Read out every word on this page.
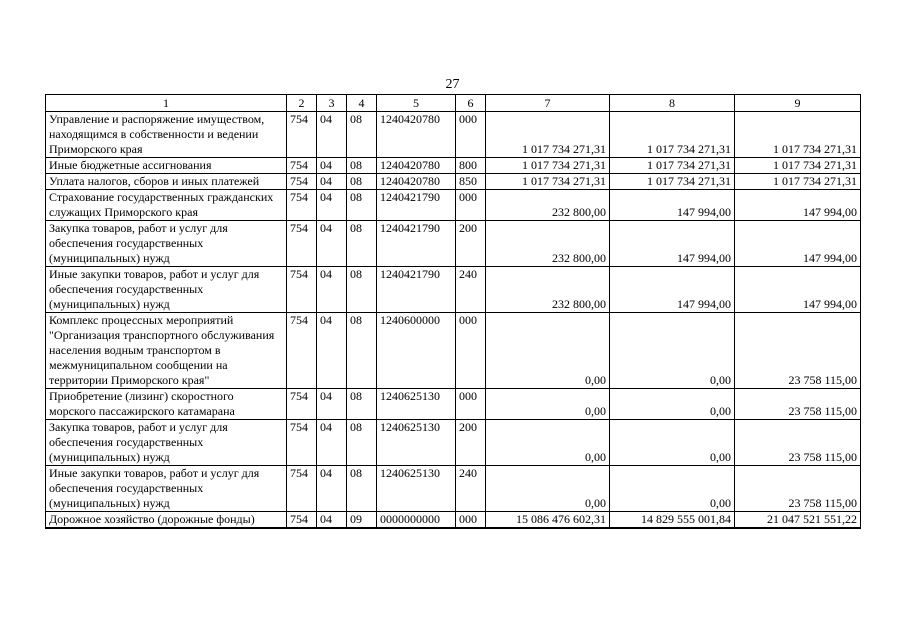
27
1	2	3	4	5	6	7	8	9
Управление и распоряжение имуществом, находящимся в собственности и ведении Приморского края	754	04	08	1240420780	000	1 017 734 271,31	1 017 734 271,31	1 017 734 271,31
Иные бюджетные ассигнования	754	04	08	1240420780	800	1 017 734 271,31	1 017 734 271,31	1 017 734 271,31
Уплата налогов, сборов и иных платежей	754	04	08	1240420780	850	1 017 734 271,31	1 017 734 271,31	1 017 734 271,31
Страхование государственных гражданских служащих Приморского края	754	04	08	1240421790	000	232 800,00	147 994,00	147 994,00
Закупка товаров, работ и услуг для обеспечения государственных (муниципальных) нужд	754	04	08	1240421790	200	232 800,00	147 994,00	147 994,00
Иные закупки товаров, работ и услуг для обеспечения государственных (муниципальных) нужд	754	04	08	1240421790	240	232 800,00	147 994,00	147 994,00
Комплекс процессных мероприятий "Организация транспортного обслуживания населения водным транспортом в межмуниципальном сообщении на территории Приморского края"	754	04	08	1240600000	000	0,00	0,00	23 758 115,00
Приобретение (лизинг) скоростного морского пассажирского катамарана	754	04	08	1240625130	000	0,00	0,00	23 758 115,00
Закупка товаров, работ и услуг для обеспечения государственных (муниципальных) нужд	754	04	08	1240625130	200	0,00	0,00	23 758 115,00
Иные закупки товаров, работ и услуг для обеспечения государственных (муниципальных) нужд	754	04	08	1240625130	240	0,00	0,00	23 758 115,00
Дорожное хозяйство (дорожные фонды)	754	04	09	0000000000	000	15 086 476 602,31	14 829 555 001,84	21 047 521 551,22
